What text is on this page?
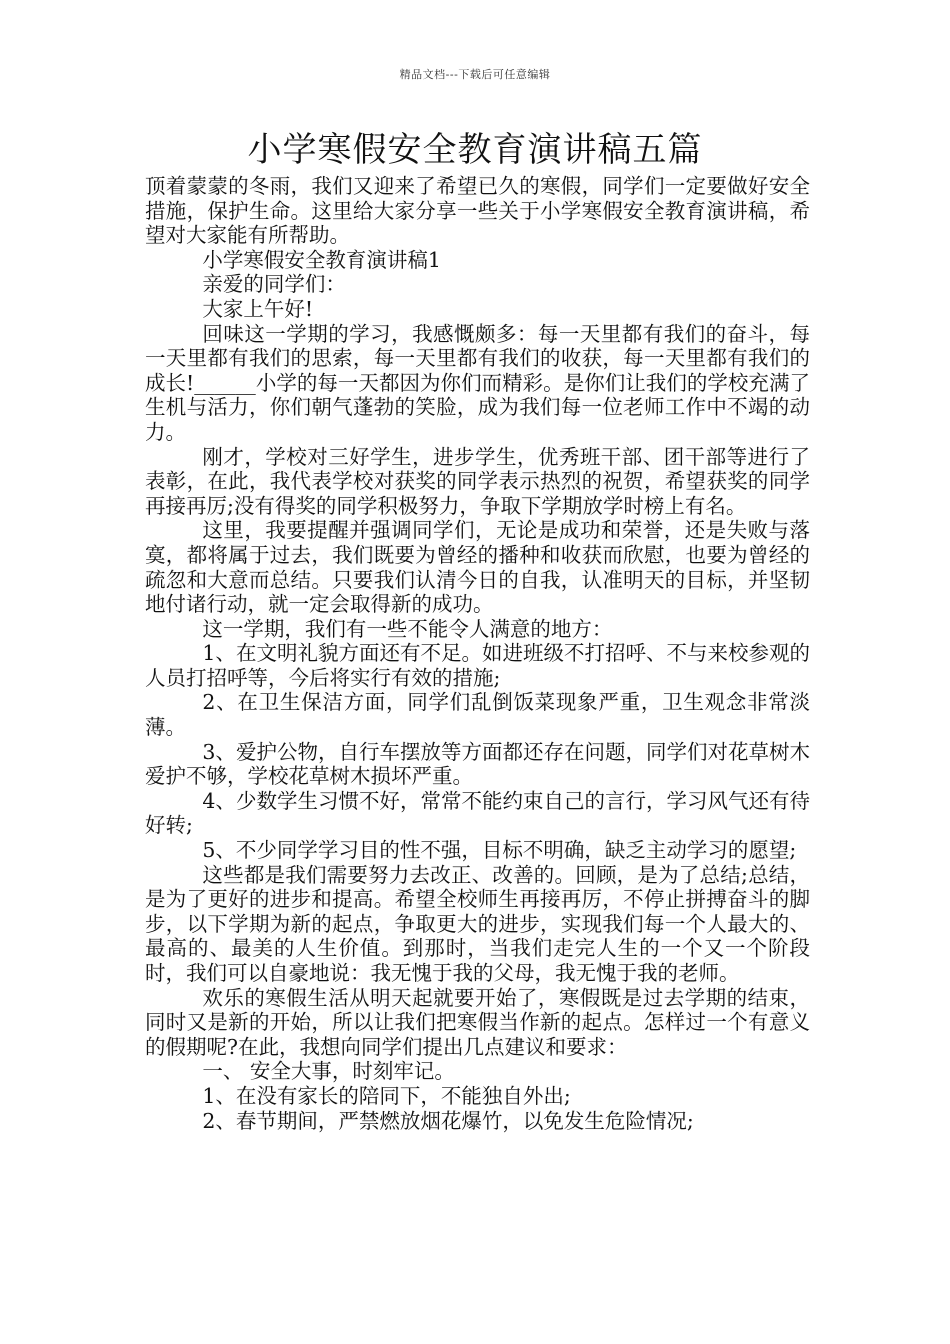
精品文档---下载后可任意编辑
小学寒假安全教育演讲稿五篇

顶着蒙蒙的冬雨，我们又迎来了希望已久的寒假，同学们一定要做好安全措施，保护生命。这里给大家分享一些关于小学寒假安全教育演讲稿，希望对大家能有所帮助。

小学寒假安全教育演讲稿1

亲爱的同学们：

大家上午好!

回味这一学期的学习，我感慨颇多：每一天里都有我们的奋斗，每一天里都有我们的思索，每一天里都有我们的收获，每一天里都有我们的成长!______小学的每一天都因为你们而精彩。是你们让我们的学校充满了生机与活力，你们朝气蓬勃的笑脸，成为我们每一位老师工作中不竭的动力。

刚才，学校对三好学生，进步学生，优秀班干部、团干部等进行了表彰，在此，我代表学校对获奖的同学表示热烈的祝贺，希望获奖的同学再接再厉;没有得奖的同学积极努力，争取下学期放学时榜上有名。

这里，我要提醒并强调同学们，无论是成功和荣誉，还是失败与落寞，都将属于过去，我们既要为曾经的播种和收获而欣慰，也要为曾经的疏忽和大意而总结。只要我们认清今日的自我，认准明天的目标，并坚韧地付诸行动，就一定会取得新的成功。

这一学期，我们有一些不能令人满意的地方：

1、在文明礼貌方面还有不足。如进班级不打招呼、不与来校参观的人员打招呼等，今后将实行有效的措施;

2、在卫生保洁方面，同学们乱倒饭菜现象严重，卫生观念非常淡薄。

3、爱护公物，自行车摆放等方面都还存在问题，同学们对花草树木爱护不够，学校花草树木损坏严重。

4、少数学生习惯不好，常常不能约束自己的言行，学习风气还有待好转;

5、不少同学学习目的性不强，目标不明确，缺乏主动学习的愿望;

这些都是我们需要努力去改正、改善的。回顾，是为了总结;总结，是为了更好的进步和提高。希望全校师生再接再厉，不停止拼搏奋斗的脚步，以下学期为新的起点，争取更大的进步，实现我们每一个人最大的、最高的、最美的人生价值。到那时，当我们走完人生的一个又一个阶段时，我们可以自豪地说：我无愧于我的父母，我无愧于我的老师。

欢乐的寒假生活从明天起就要开始了，寒假既是过去学期的结束，同时又是新的开始，所以让我们把寒假当作新的起点。怎样过一个有意义的假期呢?在此，我想向同学们提出几点建议和要求：

一、 安全大事，时刻牢记。

1、在没有家长的陪同下，不能独自外出;

2、春节期间，严禁燃放烟花爆竹，以免发生危险情况;
